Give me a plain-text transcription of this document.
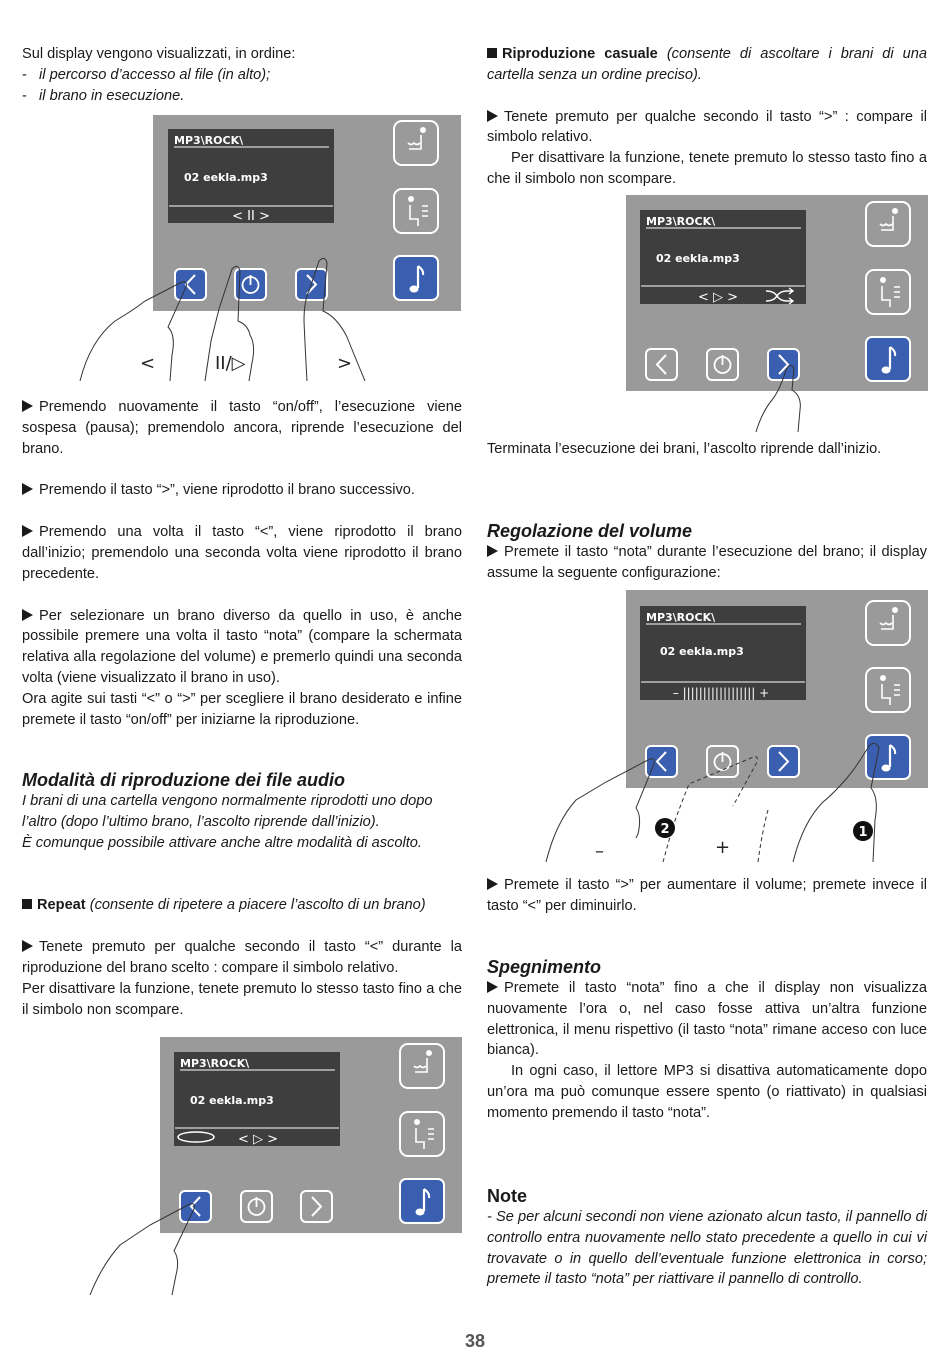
Sul display vengono visualizzati, in ordine:

- il percorso d’accesso al file (in alto);

- il brano in esecuzione.

Premendo nuovamente il tasto “on/off”, l’esecuzione viene sospesa (pausa); premendolo ancora, riprende l’esecuzione del brano.

Premendo il tasto “>”, viene riprodotto il brano successivo.

Premendo una volta il tasto “<”, viene riprodotto il brano dall’inizio; premendolo una seconda volta viene riprodotto il brano precedente.

Per selezionare un brano diverso da quello in uso, è anche possibile premere una volta il tasto “nota” (compare la schermata relativa alla regolazione del volume) e premerlo quindi una seconda volta (viene visualizzato il brano in uso).

Ora agite sui tasti “<” o “>” per scegliere il brano desiderato e infine premete il tasto “on/off” per iniziarne la riproduzione.

Modalità di riproduzione dei file audio

I brani di una cartella vengono normalmente riprodotti uno dopo l’altro (dopo l’ultimo brano, l’ascolto riprende dall’inizio).

È comunque possibile attivare anche altre modalità di ascolto.

Repeat (consente di ripetere a piacere l’ascolto di un brano)

Tenete premuto per qualche secondo il tasto “<” durante la riproduzione del brano scelto : compare il simbolo relativo.

Per disattivare la funzione, tenete premuto lo stesso tasto fino a che il simbolo non scompare.

Riproduzione casuale (consente di ascoltare i brani di una cartella senza un ordine preciso).

Tenete premuto per qualche secondo il tasto “>” : compare il simbolo relativo.

Per disattivare la funzione, tenete premuto lo stesso tasto fino a che il simbolo non scompare.

Terminata l’esecuzione dei brani, l’ascolto riprende dall’inizio.

Regolazione del volume

Premete il tasto “nota” durante l’esecuzione del brano; il display assume la seguente configurazione:

Premete il tasto “>” per aumentare il volume; premete invece il tasto “<” per diminuirlo.

Spegnimento

Premete il tasto “nota” fino a che il display non visualizza nuovamente l’ora o, nel caso fosse attiva un’altra funzione elettronica, il menu rispettivo (il tasto “nota” rimane acceso con luce bianca).

In ogni caso, il lettore MP3 si disattiva automaticamente dopo un’ora ma può comunque essere spento (o riattivato) in qualsiasi momento premendo il tasto “nota”.

Note

- Se per alcuni secondi non viene azionato alcun tasto, il pannello di controllo entra nuovamente nello stato precedente a quello in cui vi trovavate o in quello dell’eventuale funzione elettronica in corso; premete il tasto “nota” per riattivare il pannello di controllo.

MP3\ROCK\
02 eekla.mp3
< II >
<	II/▷	>
MP3\ROCK\
02 eekla.mp3
< ▷ >
MP3\ROCK\
02 eekla.mp3
< ▷ >
MP3\ROCK\
02 eekla.mp3
– |||||||||||||||||| +
–	+
2	1
38
